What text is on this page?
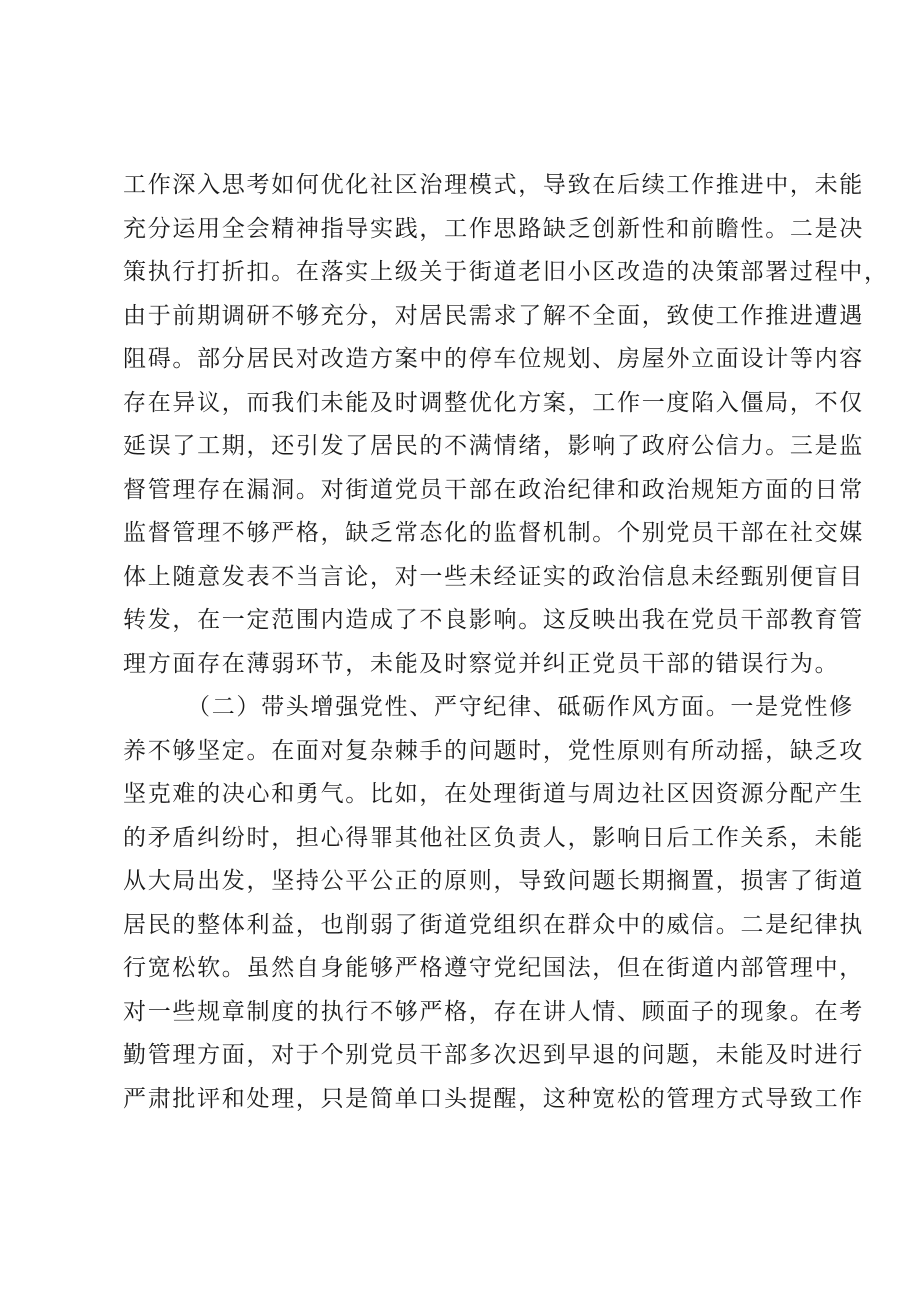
工作深入思考如何优化社区治理模式，导致在后续工作推进中，未能
充分运用全会精神指导实践，工作思路缺乏创新性和前瞻性。二是决
策执行打折扣。在落实上级关于街道老旧小区改造的决策部署过程中，
由于前期调研不够充分，对居民需求了解不全面，致使工作推进遭遇
阻碍。部分居民对改造方案中的停车位规划、房屋外立面设计等内容
存在异议，而我们未能及时调整优化方案，工作一度陷入僵局，不仅
延误了工期，还引发了居民的不满情绪，影响了政府公信力。三是监
督管理存在漏洞。对街道党员干部在政治纪律和政治规矩方面的日常
监督管理不够严格，缺乏常态化的监督机制。个别党员干部在社交媒
体上随意发表不当言论，对一些未经证实的政治信息未经甄别便盲目
转发，在一定范围内造成了不良影响。这反映出我在党员干部教育管
理方面存在薄弱环节，未能及时察觉并纠正党员干部的错误行为。
（二）带头增强党性、严守纪律、砥砺作风方面。一是党性修
养不够坚定。在面对复杂棘手的问题时，党性原则有所动摇，缺乏攻
坚克难的决心和勇气。比如，在处理街道与周边社区因资源分配产生
的矛盾纠纷时，担心得罪其他社区负责人，影响日后工作关系，未能
从大局出发，坚持公平公正的原则，导致问题长期搁置，损害了街道
居民的整体利益，也削弱了街道党组织在群众中的威信。二是纪律执
行宽松软。虽然自身能够严格遵守党纪国法，但在街道内部管理中，
对一些规章制度的执行不够严格，存在讲人情、顾面子的现象。在考
勤管理方面，对于个别党员干部多次迟到早退的问题，未能及时进行
严肃批评和处理，只是简单口头提醒，这种宽松的管理方式导致工作
